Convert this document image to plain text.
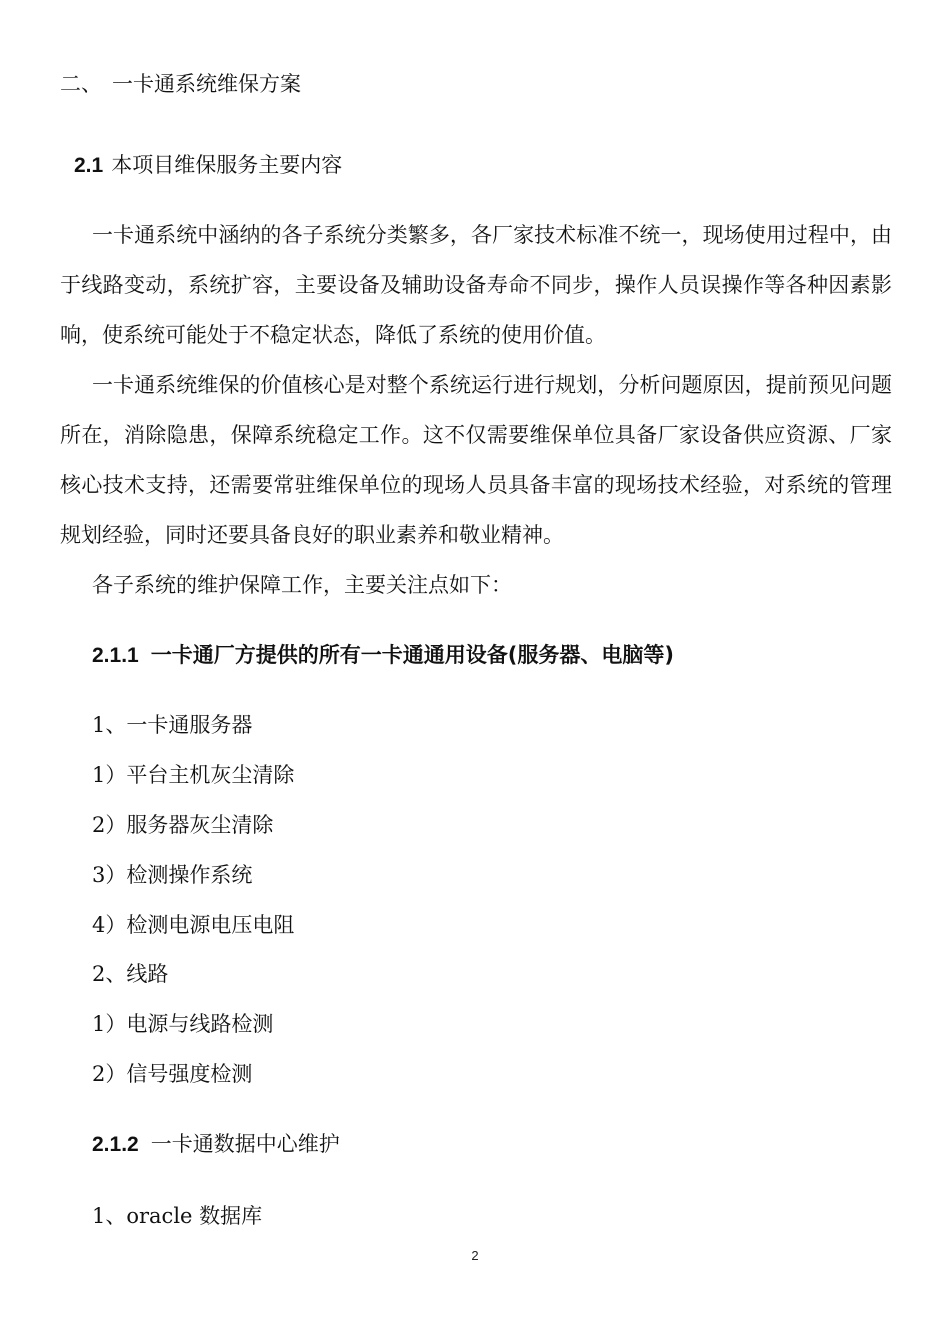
二、 一卡通系统维保方案
2.1 本项目维保服务主要内容
一卡通系统中涵纳的各子系统分类繁多，各厂家技术标准不统一，现场使用过程中，由于线路变动，系统扩容，主要设备及辅助设备寿命不同步，操作人员误操作等各种因素影响，使系统可能处于不稳定状态，降低了系统的使用价值。
一卡通系统维保的价值核心是对整个系统运行进行规划，分析问题原因，提前预见问题所在，消除隐患，保障系统稳定工作。这不仅需要维保单位具备厂家设备供应资源、厂家核心技术支持，还需要常驻维保单位的现场人员具备丰富的现场技术经验，对系统的管理规划经验，同时还要具备良好的职业素养和敬业精神。
各子系统的维护保障工作，主要关注点如下：
2.1.1 一卡通厂方提供的所有一卡通通用设备(服务器、电脑等)
1、一卡通服务器
1）平台主机灰尘清除
2）服务器灰尘清除
3）检测操作系统
4）检测电源电压电阻
2、线路
1）电源与线路检测
2）信号强度检测
2.1.2 一卡通数据中心维护
1、oracle 数据库
2
